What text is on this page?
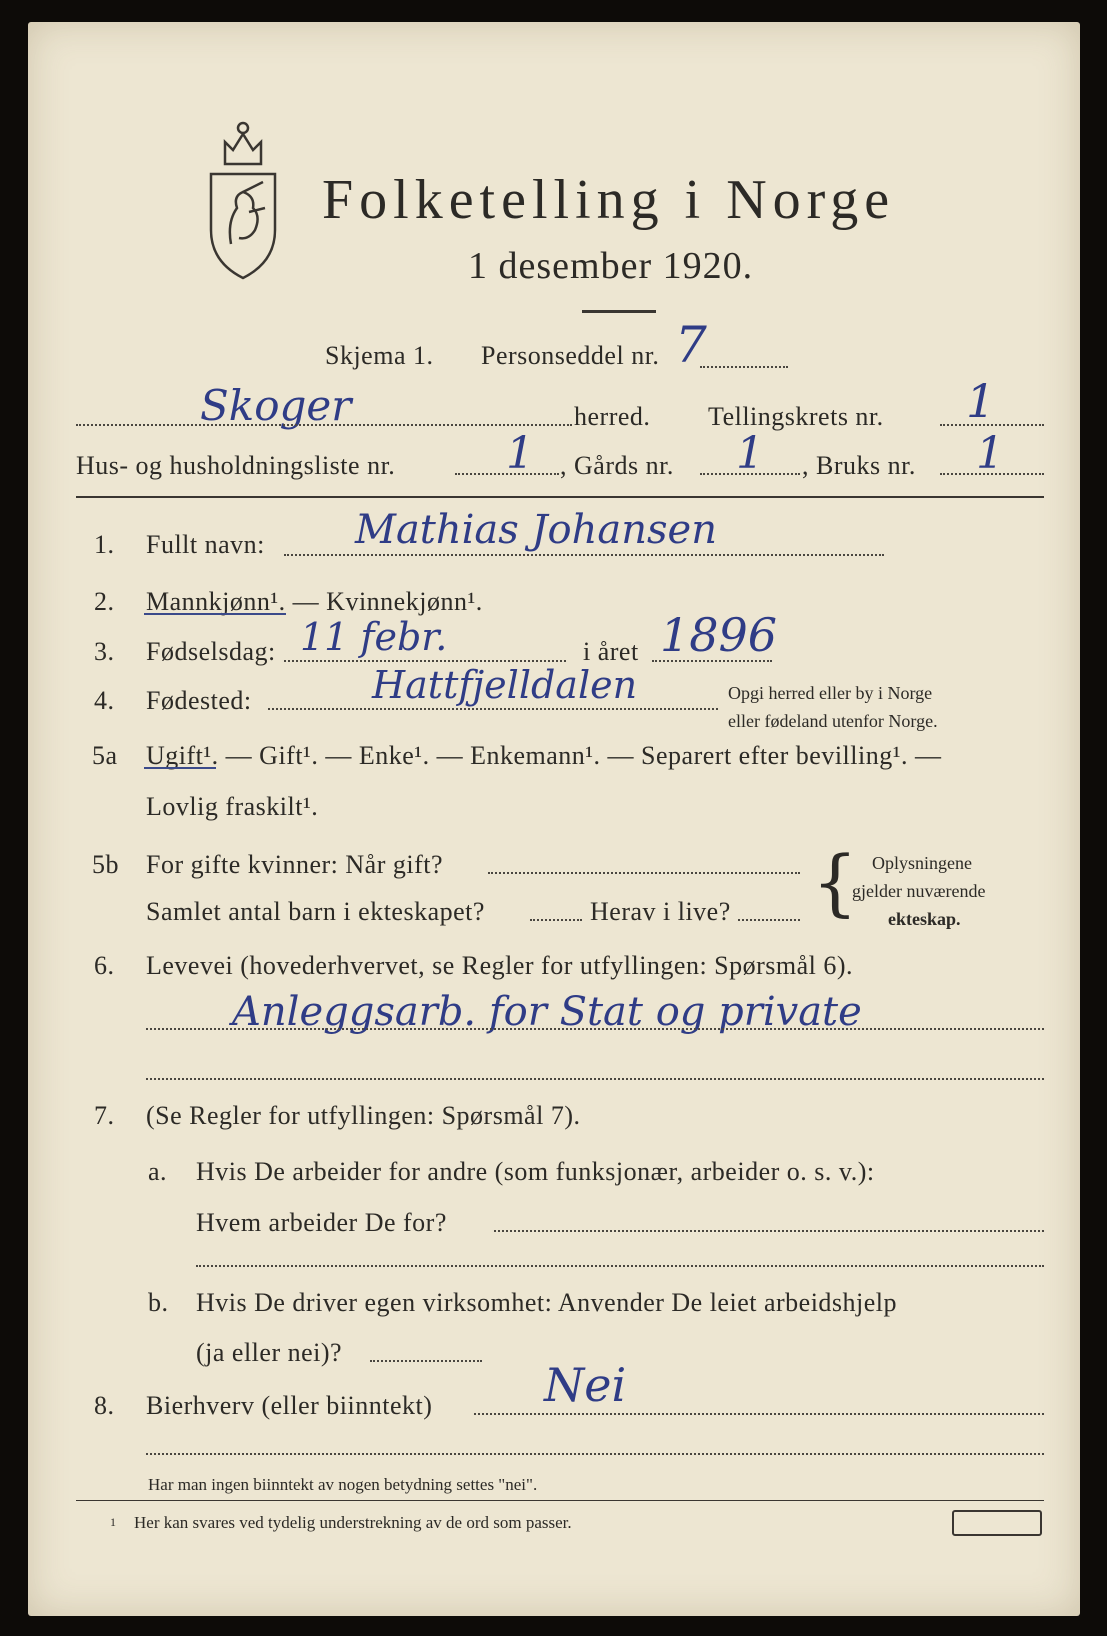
Folketelling i Norge
1 desember 1920.
Skjema 1. Personseddel nr. 7
Skoger	herred. Tellingskrets nr. 1
Hus- og husholdningsliste nr.	1 , Gårds nr. 1 , Bruks nr. 1
1. Fullt navn: Mathias Johansen
2. Mannkjønn¹. — Kvinnekjønn¹.
3. Fødselsdag: 11 febr.	i året 1896
4. Fødested:	Hattfjelldalen	Opgi herred eller by i Norge
eller fødeland utenfor Norge.
5a Ugift¹. — Gift¹. — Enke¹. — Enkemann¹. — Separert efter bevilling¹. —
Lovlig fraskilt¹.
5b For gifte kvinner: Når gift?
Samlet antal barn i ekteskapet?	Herav i live? { Oplysningene
gjelder nuværende
ekteskap.
6. Levevei (hovederhvervet, se Regler for utfyllingen: Spørsmål 6).
Anleggsarb. for Stat og private
7. (Se Regler for utfyllingen: Spørsmål 7).
a. Hvis De arbeider for andre (som funksjonær, arbeider o. s. v.):
Hvem arbeider De for?
b. Hvis De driver egen virksomhet: Anvender De leiet arbeidshjelp
(ja eller nei)?
8. Bierhverv (eller biinntekt) Nei
Har man ingen biinntekt av nogen betydning settes "nei".
1 Her kan svares ved tydelig understrekning av de ord som passer.
